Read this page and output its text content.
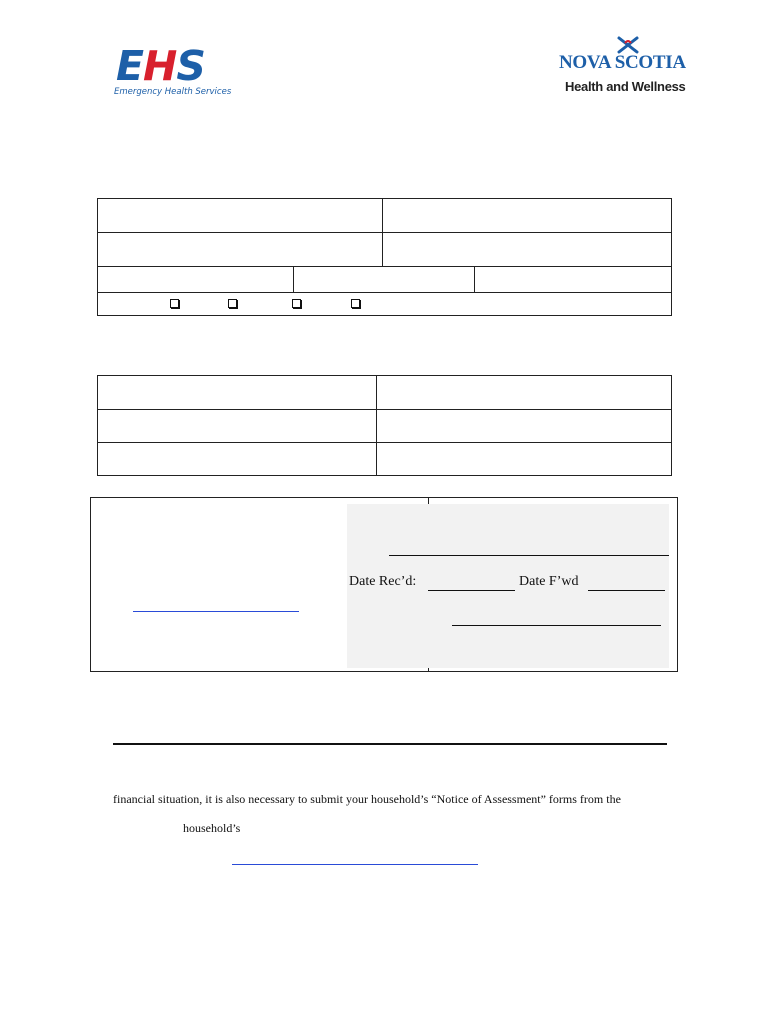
EHS
Emergency Health Services
NOVA SCOTIA
Health and Wellness

Date Rec’d:	Date F’wd
financial situation, it is also necessary to submit your household’s “Notice of Assessment” forms from the
household’s
